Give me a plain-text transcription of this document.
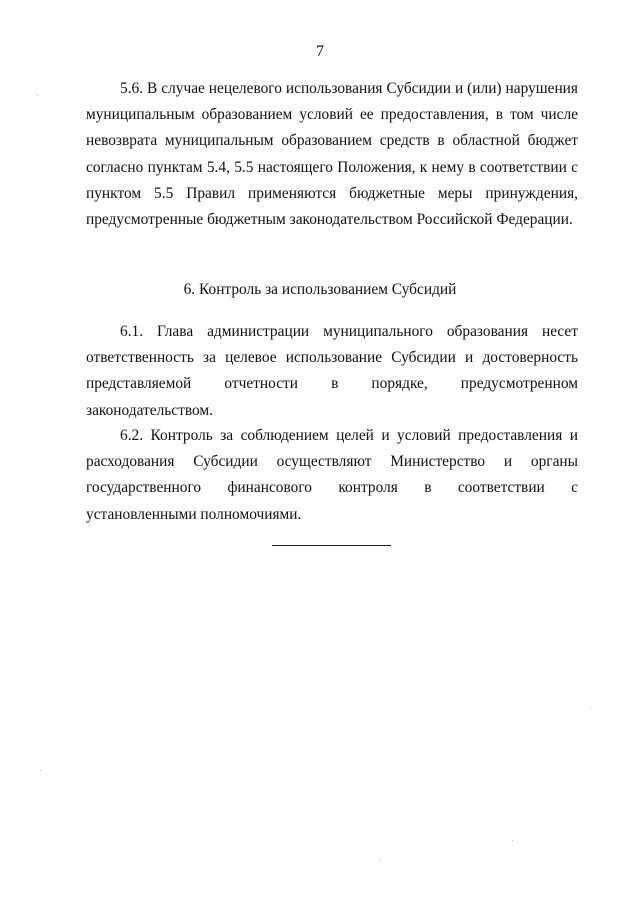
7

5.6. В случае нецелевого использования Субсидии и (или) нарушения муниципальным образованием условий ее предоставления, в том числе невозврата муниципальным образованием средств в областной бюджет согласно пунктам 5.4, 5.5 настоящего Положения, к нему в соответствии с пунктом 5.5 Правил применяются бюджетные меры принуждения, предусмотренные бюджетным законодательством Российской Федерации.

6. Контроль за использованием Субсидий

6.1. Глава администрации муниципального образования несет ответственность за целевое использование Субсидии и достоверность представляемой отчетности в порядке, предусмотренном законодательством.

6.2. Контроль за соблюдением целей и условий предоставления и расходования Субсидии осуществляют Министерство и органы государственного финансового контроля в соответствии с установленными полномочиями.
